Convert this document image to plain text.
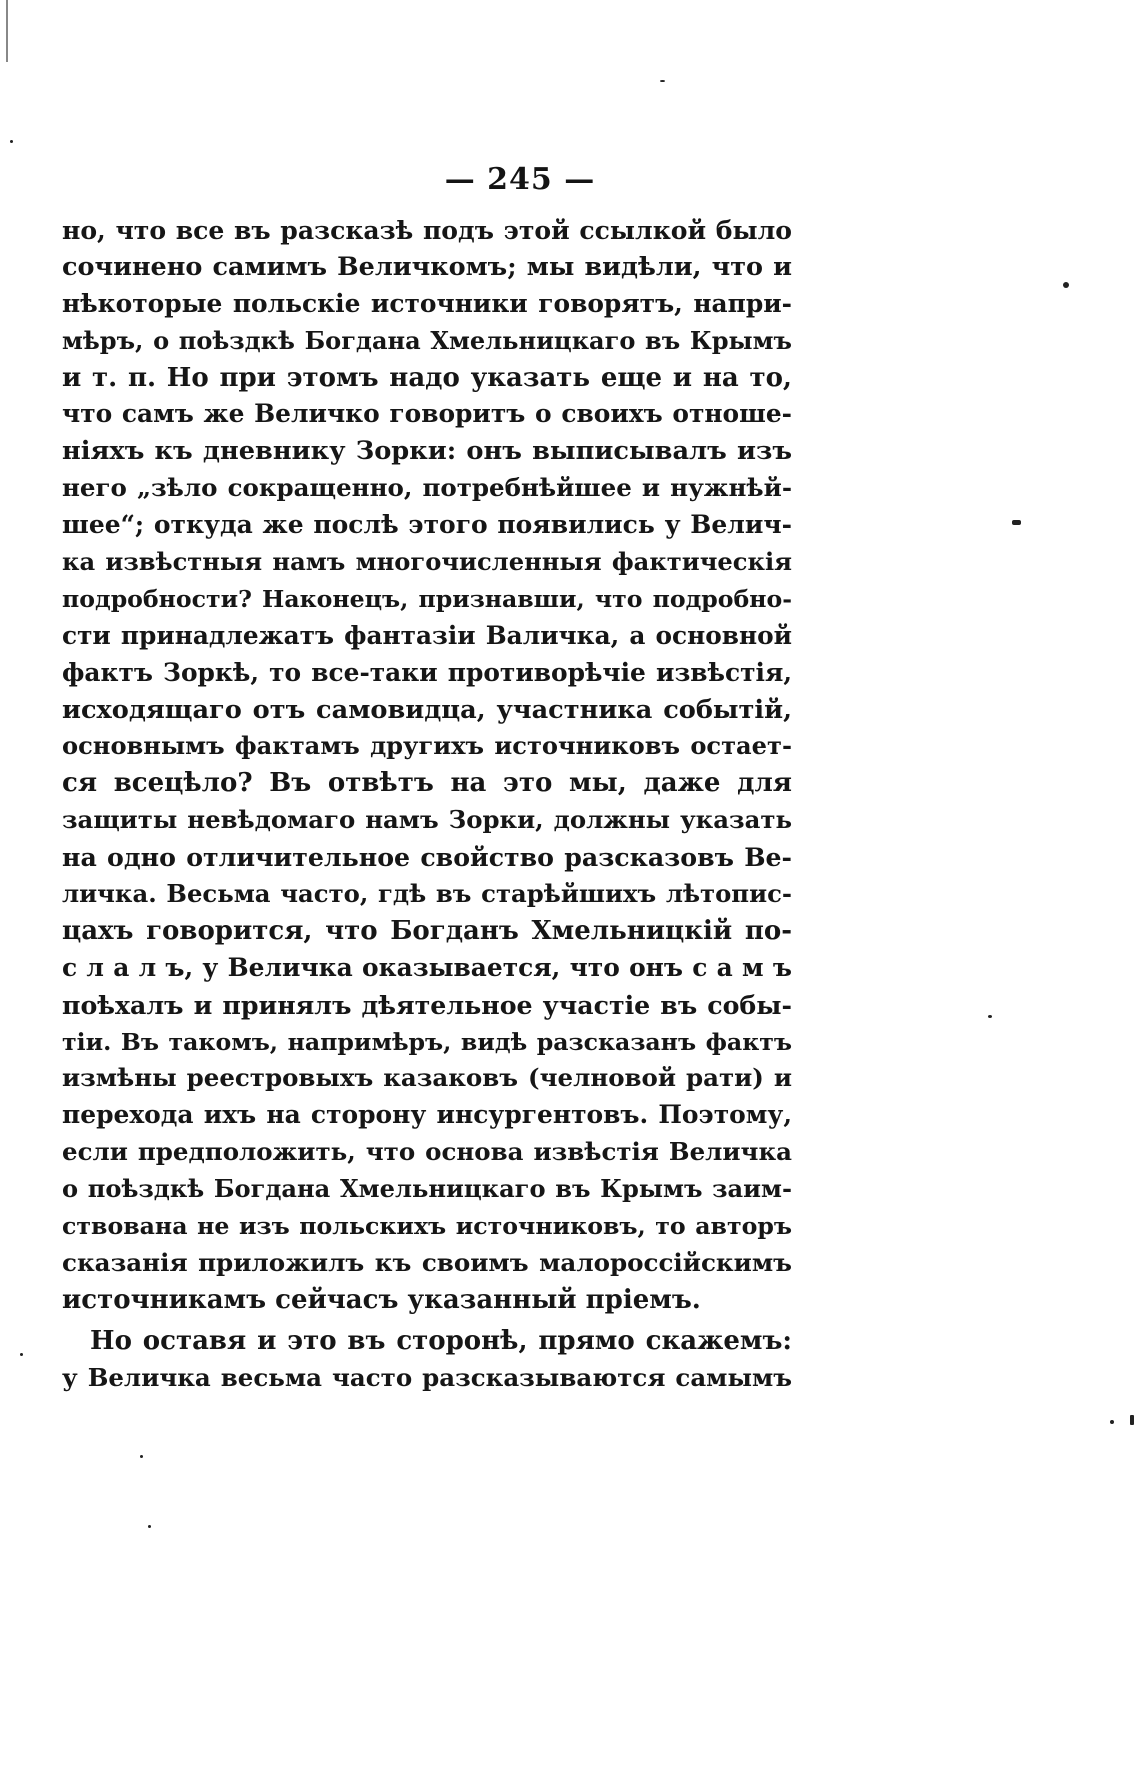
— 245 —
но, что все въ разсказѣ подъ этой ссылкой было
сочинено самимъ Величкомъ; мы видѣли, что и
нѣкоторые польскіе источники говорятъ, напри-
мѣръ, о поѣздкѣ Богдана Хмельницкаго въ Крымъ
и т. п. Но при этомъ надо указать еще и на то,
что самъ же Величко говоритъ о своихъ отноше-
ніяхъ къ дневнику Зорки: онъ выписывалъ изъ
него „зѣло сокращенно, потребнѣйшее и нужнѣй-
шее“; откуда же послѣ этого появились у Велич-
ка извѣстныя намъ многочисленныя фактическія
подробности? Наконецъ, признавши, что подробно-
сти принадлежатъ фантазіи Валичка, а основной
фактъ Зоркѣ, то все-таки противорѣчіе извѣстія,
исходящаго отъ самовидца, участника событій,
основнымъ фактамъ другихъ источниковъ остает-
ся всецѣло? Въ отвѣтъ на это мы, даже для
защиты невѣдомаго намъ Зорки, должны указать
на одно отличительное свойство разсказовъ Ве-
личка. Весьма часто, гдѣ въ старѣйшихъ лѣтопис-
цахъ говорится, что Богданъ Хмельницкій по-
с л а л ъ, у Величка оказывается, что онъ с а м ъ
поѣхалъ и принялъ дѣятельное участіе въ собы-
тіи. Въ такомъ, напримѣръ, видѣ разсказанъ фактъ
измѣны реестровыхъ казаковъ (челновой рати) и
перехода ихъ на сторону инсургентовъ. Поэтому,
если предположить, что основа извѣстія Величка
о поѣздкѣ Богдана Хмельницкаго въ Крымъ заим-
ствована не изъ польскихъ источниковъ, то авторъ
сказанія приложилъ къ своимъ малороссійскимъ
источникамъ сейчасъ указанный пріемъ.
Но оставя и это въ сторонѣ, прямо скажемъ:
у Величка весьма часто разсказываются самымъ
